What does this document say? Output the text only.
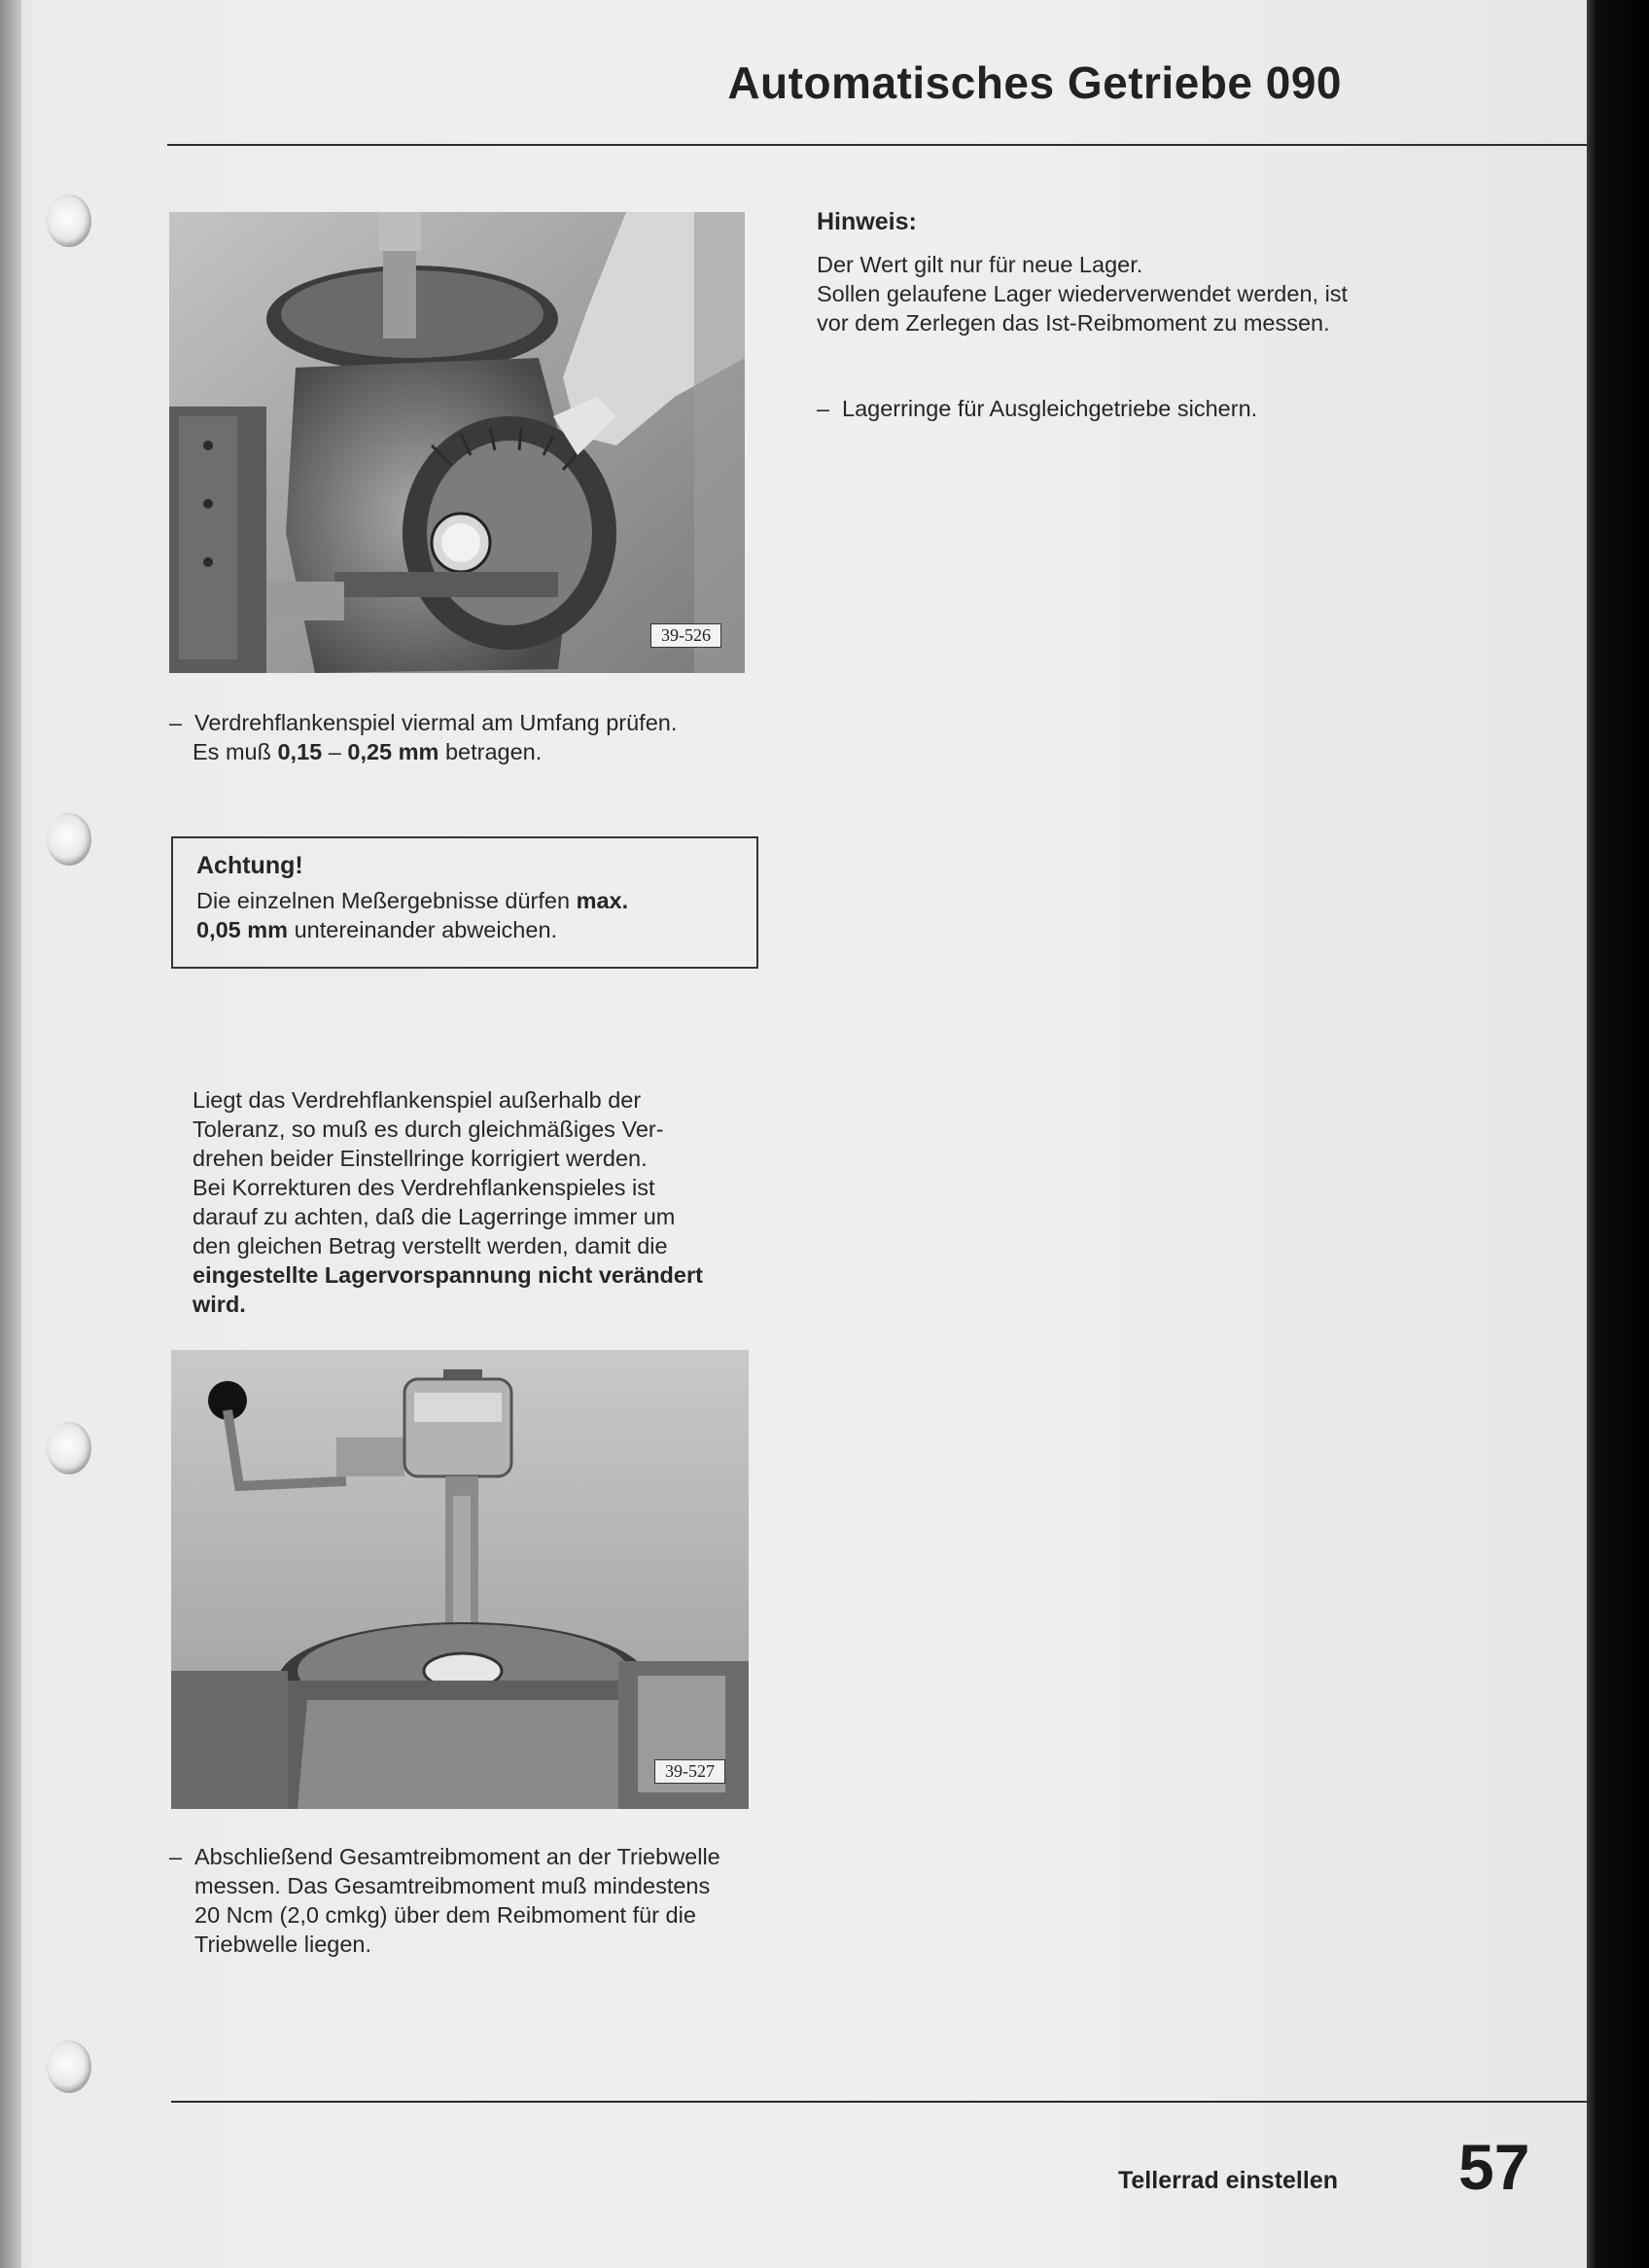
Automatisches Getriebe 090
39-526
Hinweis:

Der Wert gilt nur für neue Lager.
Sollen gelaufene Lager wiederverwendet werden, ist
vor dem Zerlegen das Ist-Reibmoment zu messen.

– Lagerringe für Ausgleichgetriebe sichern.

– Verdrehflankenspiel viermal am Umfang prüfen.
Es muß 0,15 – 0,25 mm betragen.

Achtung!

Die einzelnen Meßergebnisse dürfen max.
0,05 mm untereinander abweichen.

Liegt das Verdrehflankenspiel außerhalb der
Toleranz, so muß es durch gleichmäßiges Ver-
drehen beider Einstellringe korrigiert werden.
Bei Korrekturen des Verdrehflankenspieles ist
darauf zu achten, daß die Lagerringe immer um
den gleichen Betrag verstellt werden, damit die
eingestellte Lagervorspannung nicht verändert
wird.

39-527

– Abschließend Gesamtreibmoment an der Triebwelle
messen. Das Gesamtreibmoment muß mindestens
20 Ncm (2,0 cmkg) über dem Reibmoment für die
Triebwelle liegen.

Tellerrad einstellen 57
